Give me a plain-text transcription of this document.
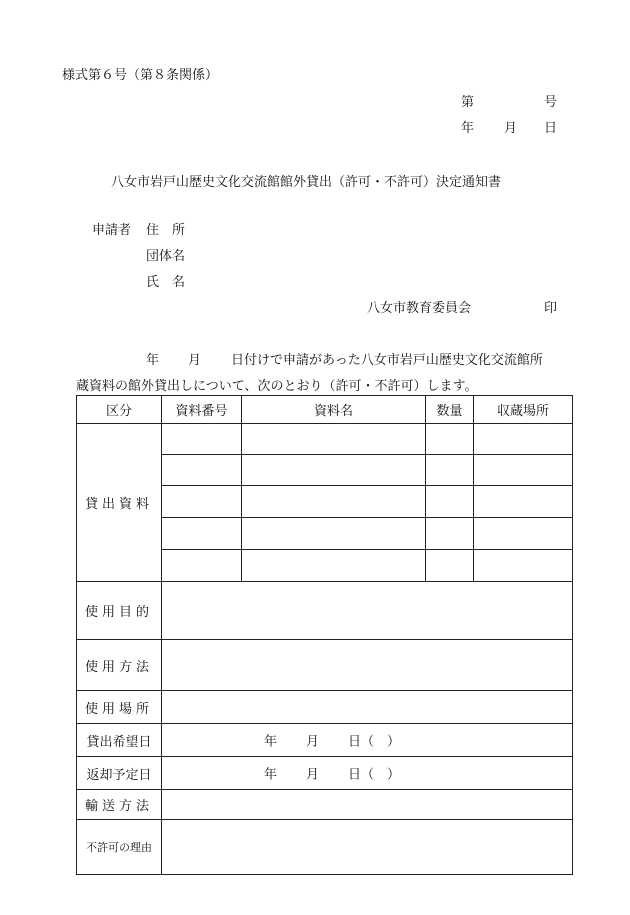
様式第６号（第８条関係）
第	号
年 月 日
八女市岩戸山歴史文化交流館館外貸出（許可・不許可）決定通知書
申請者 住　所
団体名
氏　名
八女市教育委員会	印
年 月 日付けで申請があった八女市岩戸山歴史文化交流館所
蔵資料の館外貸出しについて、次のとおり（許可・不許可）します。
区分	資料番号	資料名	数量	収蔵場所
貸出資料				

使用目的				
使用方法				
使用場所				
貸出希望日	年 月 日（　）			

返却予定日	年 月 日（　）			

輸送方法				
不許可の理由				
